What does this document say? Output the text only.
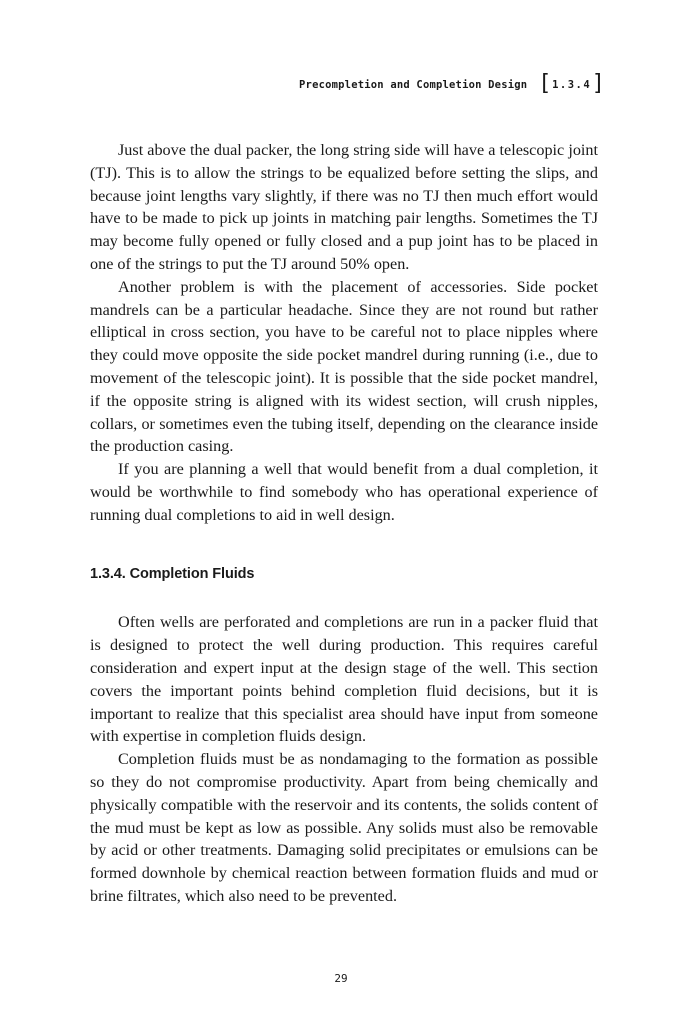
Precompletion and Completion Design [ 1.3.4 ]

Just above the dual packer, the long string side will have a telescopic joint (TJ). This is to allow the strings to be equalized before setting the slips, and because joint lengths vary slightly, if there was no TJ then much effort would have to be made to pick up joints in matching pair lengths. Sometimes the TJ may become fully opened or fully closed and a pup joint has to be placed in one of the strings to put the TJ around 50% open.

Another problem is with the placement of accessories. Side pocket mandrels can be a particular headache. Since they are not round but rather elliptical in cross section, you have to be careful not to place nipples where they could move opposite the side pocket mandrel during running (i.e., due to movement of the telescopic joint). It is possible that the side pocket mandrel, if the opposite string is aligned with its widest section, will crush nipples, collars, or sometimes even the tubing itself, depending on the clearance inside the production casing.

If you are planning a well that would benefit from a dual completion, it would be worthwhile to find somebody who has operational experience of running dual completions to aid in well design.

1.3.4. Completion Fluids

Often wells are perforated and completions are run in a packer fluid that is designed to protect the well during production. This requires careful consideration and expert input at the design stage of the well. This section covers the important points behind completion fluid decisions, but it is important to realize that this specialist area should have input from someone with expertise in completion fluids design.

Completion fluids must be as nondamaging to the formation as possible so they do not compromise productivity. Apart from being chemically and physically compatible with the reservoir and its contents, the solids content of the mud must be kept as low as possible. Any solids must also be removable by acid or other treatments. Damaging solid precipitates or emulsions can be formed downhole by chemical reaction between formation fluids and mud or brine filtrates, which also need to be prevented.

29
